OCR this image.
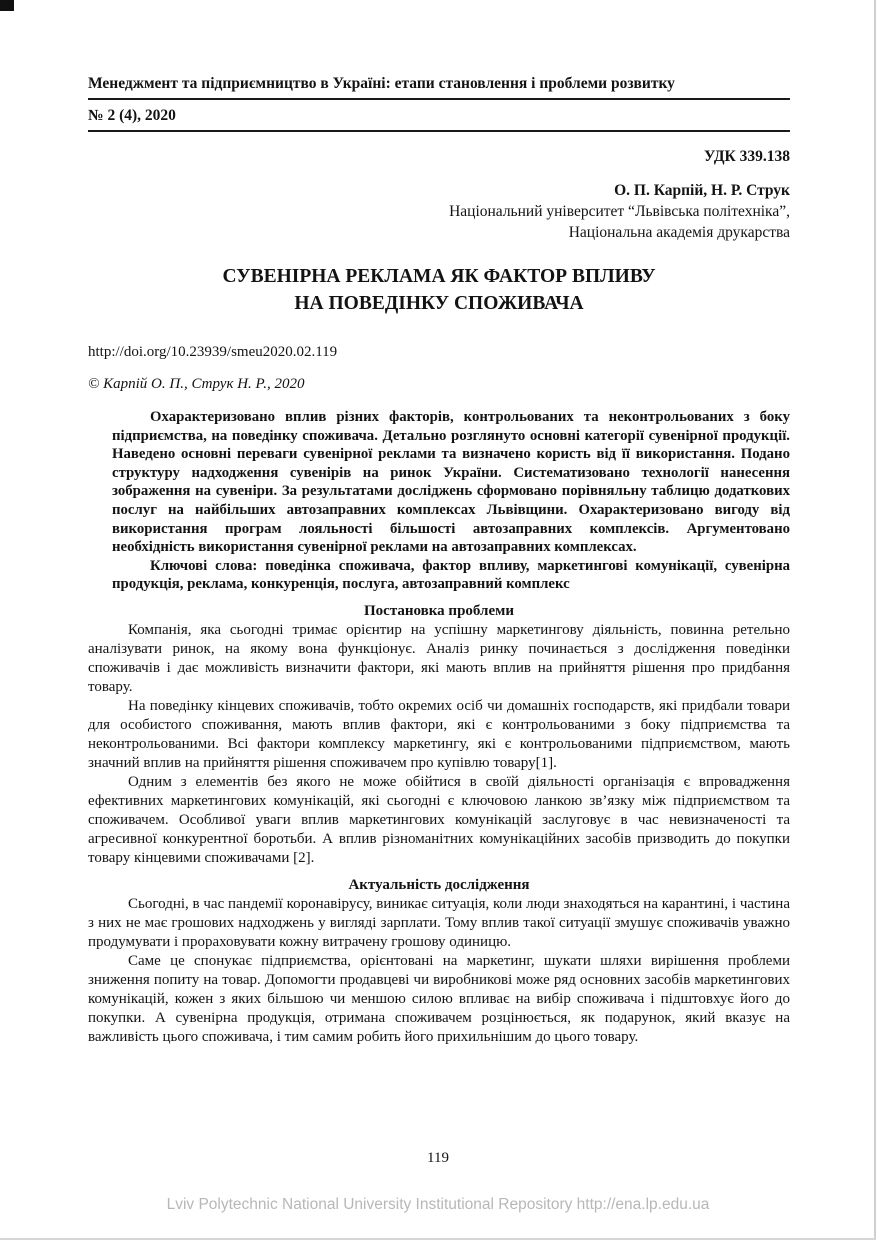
Менеджмент та підприємництво в Україні: етапи становлення і проблеми розвитку
№ 2 (4), 2020
УДК 339.138
О. П. Карпій, Н. Р. Струк
Національний університет “Львівська політехніка”,
Національна академія друкарства
СУВЕНІРНА РЕКЛАМА ЯК ФАКТОР ВПЛИВУ
НА ПОВЕДІНКУ СПОЖИВАЧА
http://doi.org/10.23939/smeu2020.02.119
© Карпій О. П., Струк Н. Р., 2020
Охарактеризовано вплив різних факторів, контрольованих та неконтрольованих з боку підприємства, на поведінку споживача. Детально розглянуто основні категорії сувенірної продукції. Наведено основні переваги сувенірної реклами та визначено користь від її використання. Подано структуру надходження сувенірів на ринок України. Систематизовано технології нанесення зображення на сувеніри. За результатами досліджень сформовано порівняльну таблицю додаткових послуг на найбільших автозаправних комплексах Львівщини. Охарактеризовано вигоду від використання програм лояльності більшості автозаправних комплексів. Аргументовано необхідність використання сувенірної реклами на автозаправних комплексах.
Ключові слова: поведінка споживача, фактор впливу, маркетингові комунікації, сувенірна продукція, реклама, конкуренція, послуга, автозаправний комплекс
Постановка проблеми
Компанія, яка сьогодні тримає орієнтир на успішну маркетингову діяльність, повинна ретельно аналізувати ринок, на якому вона функціонує. Аналіз ринку починається з дослідження поведінки споживачів і дає можливість визначити фактори, які мають вплив на прийняття рішення про придбання товару.
На поведінку кінцевих споживачів, тобто окремих осіб чи домашніх господарств, які придбали товари для особистого споживання, мають вплив фактори, які є контрольованими з боку підприємства та неконтрольованими. Всі фактори комплексу маркетингу, які є контрольованими підприємством, мають значний вплив на прийняття рішення споживачем про купівлю товару[1].
Одним з елементів без якого не може обійтися в своїй діяльності організація є впровадження ефективних маркетингових комунікацій, які сьогодні є ключовою ланкою зв’язку між підприємством та споживачем. Особливої уваги вплив маркетингових комунікацій заслуговує в час невизначеності та агресивної конкурентної боротьби. А вплив різноманітних комунікаційних засобів призводить до покупки товару кінцевими споживачами [2].
Актуальність дослідження
Сьогодні, в час пандемії коронавірусу, виникає ситуація, коли люди знаходяться на карантині, і частина з них не має грошових надходжень у вигляді зарплати. Тому вплив такої ситуації змушує споживачів уважно продумувати і прораховувати кожну витрачену грошову одиницю.
Саме це спонукає підприємства, орієнтовані на маркетинг, шукати шляхи вирішення проблеми зниження попиту на товар. Допомогти продавцеві чи виробникові може ряд основних засобів маркетингових комунікацій, кожен з яких більшою чи меншою силою впливає на вибір споживача і підштовхує його до покупки. А сувенірна продукція, отримана споживачем розцінюється, як подарунок, який вказує на важливість цього споживача, і тим самим робить його прихильнішим до цього товару.
119
Lviv Polytechnic National University Institutional Repository http://ena.lp.edu.ua
